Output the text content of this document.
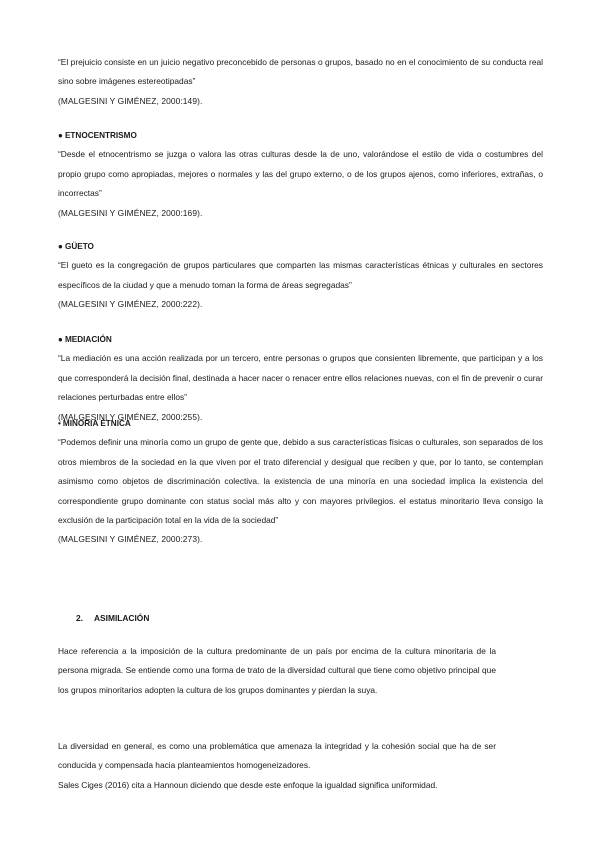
“El prejuicio consiste en un juicio negativo preconcebido de personas o grupos, basado no en el conocimiento de su conducta real sino sobre imágenes estereotipadas”

(MALGESINI Y GIMÉNEZ, 2000:149).

● ETNOCENTRISMO

“Desde el etnocentrismo se juzga o valora las otras culturas desde la de uno, valorándose el estilo de vida o costumbres del propio grupo como apropiadas, mejores o normales y las del grupo externo, o de los grupos ajenos, como inferiores, extrañas, o incorrectas”

(MALGESINI Y GIMÉNEZ, 2000:169).

● GÜETO

“El gueto es la congregación de grupos particulares que comparten las mismas características étnicas y culturales en sectores específicos de la ciudad y que a menudo toman la forma de áreas segregadas”

(MALGESINI Y GIMÉNEZ, 2000:222).

● MEDIACIÓN

“La mediación es una acción realizada por un tercero, entre personas o grupos que consienten libremente, que participan y a los que corresponderá la decisión final, destinada a hacer nacer o renacer entre ellos relaciones nuevas, con el fin de prevenir o curar relaciones perturbadas entre ellos”

(MALGESINI Y GIMÉNEZ, 2000:255).

• MINORIA ÈTNICA

“Podemos definir una minoría como un grupo de gente que, debido a sus características físicas o culturales, son separados de los otros miembros de la sociedad en la que viven por el trato diferencial y desigual que reciben y que, por lo tanto, se contemplan asimismo como objetos de discriminación colectiva. la existencia de una minoría en una sociedad implica la existencia del correspondiente grupo dominante con status social más alto y con mayores privilegios. el estatus minoritario lleva consigo la exclusión de la participación total en la vida de la sociedad”

(MALGESINI Y GIMÉNEZ, 2000:273).

2. ASIMILACIÓN

Hace referencia a la imposición de la cultura predominante de un país por encima de la cultura minoritaria de la persona migrada. Se entiende como una forma de trato de la diversidad cultural que tiene como objetivo principal que los grupos minoritarios adopten la cultura de los grupos dominantes y pierdan la suya.

La diversidad en general, es como una problemática que amenaza la integridad y la cohesión social que ha de ser conducida y compensada hacia planteamientos homogeneizadores.

Sales Ciges (2016) cita a Hannoun diciendo que desde este enfoque la igualdad significa uniformidad.
